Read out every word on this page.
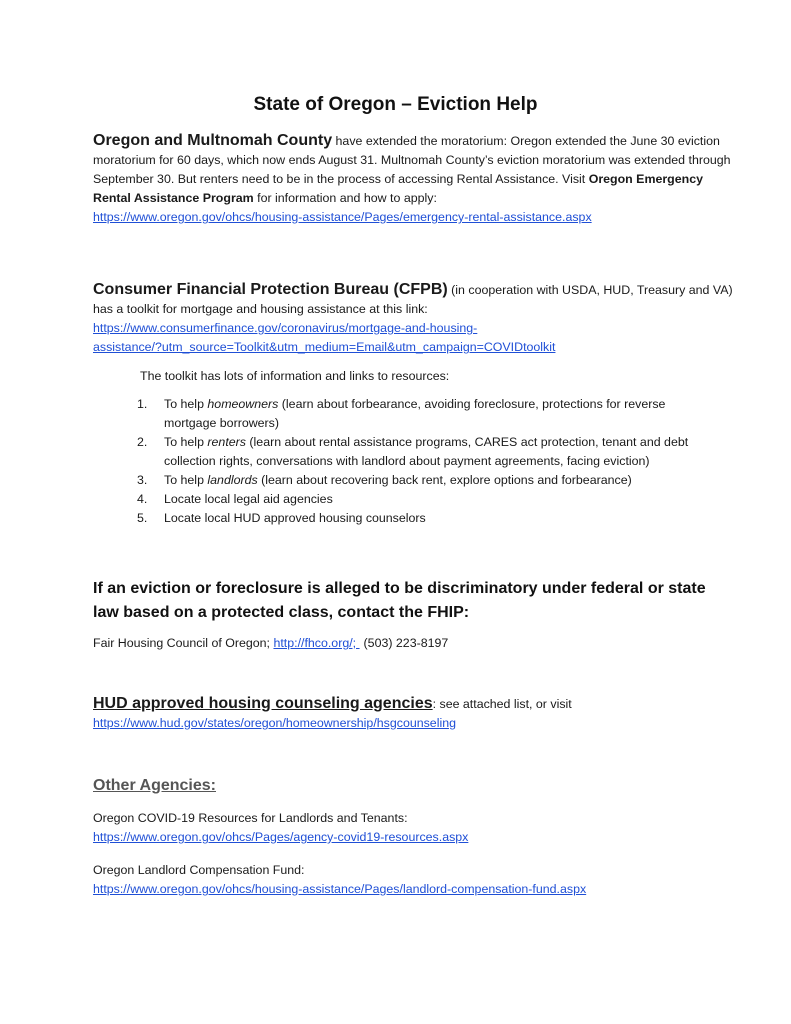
State of Oregon – Eviction Help
Oregon and Multnomah County have extended the moratorium: Oregon extended the June 30 eviction moratorium for 60 days, which now ends August 31. Multnomah County’s eviction moratorium was extended through September 30. But renters need to be in the process of accessing Rental Assistance. Visit Oregon Emergency Rental Assistance Program for information and how to apply:
https://www.oregon.gov/ohcs/housing-assistance/Pages/emergency-rental-assistance.aspx
Consumer Financial Protection Bureau (CFPB) (in cooperation with USDA, HUD, Treasury and VA) has a toolkit for mortgage and housing assistance at this link:
https://www.consumerfinance.gov/coronavirus/mortgage-and-housing-
assistance/?utm_source=Toolkit&utm_medium=Email&utm_campaign=COVIDtoolkit
The toolkit has lots of information and links to resources:
1. To help homeowners (learn about forbearance, avoiding foreclosure, protections for reverse mortgage borrowers)
2. To help renters (learn about rental assistance programs, CARES act protection, tenant and debt collection rights, conversations with landlord about payment agreements, facing eviction)
3. To help landlords (learn about recovering back rent, explore options and forbearance)
4. Locate local legal aid agencies
5. Locate local HUD approved housing counselors
If an eviction or foreclosure is alleged to be discriminatory under federal or state law based on a protected class, contact the FHIP:
Fair Housing Council of Oregon; http://fhco.org/; (503) 223-8197
HUD approved housing counseling agencies: see attached list, or visit
https://www.hud.gov/states/oregon/homeownership/hsgcounseling
Other Agencies:
Oregon COVID-19 Resources for Landlords and Tenants:
https://www.oregon.gov/ohcs/Pages/agency-covid19-resources.aspx
Oregon Landlord Compensation Fund:
https://www.oregon.gov/ohcs/housing-assistance/Pages/landlord-compensation-fund.aspx
